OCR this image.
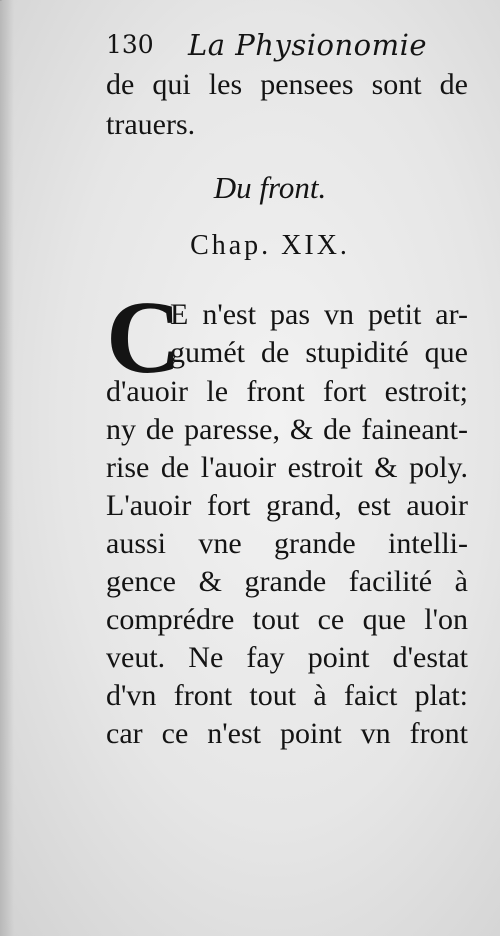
130 La Physionomie
de qui les pensees sont de
trauers.
Du front.
Chap. XIX.
C
E n'est pas vn petit ar-
gumét de stupidité que
d'auoir le front fort estroit;
ny de paresse, & de faineant-
rise de l'auoir estroit & poly.
L'auoir fort grand, est auoir
aussi vne grande intelli-
gence & grande facilité à
comprédre tout ce que l'on
veut. Ne fay point d'estat
d'vn front tout à faict plat:
car ce n'est point vn front
